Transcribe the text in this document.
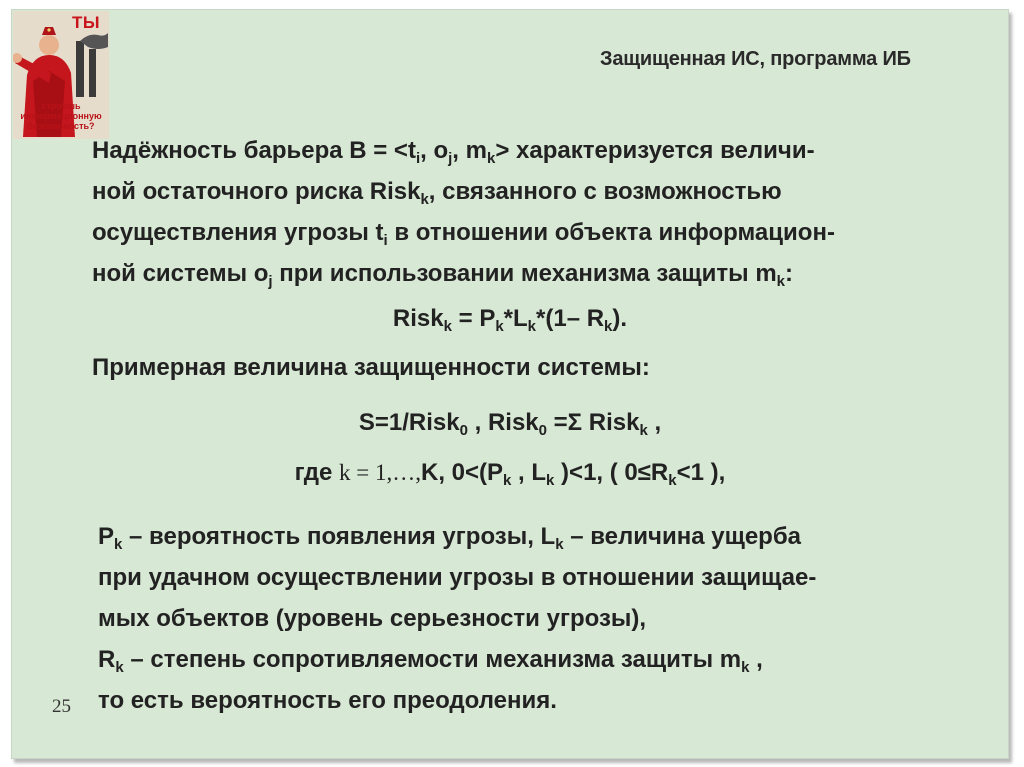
ТЫ
строишь
информационную
безопасность?
Защищенная ИС, программа ИБ
Надёжность барьера $B = <t_i$, $o_j$, $m_k>$ характеризуется величи-
ной остаточного риска Risk$_k$, связанного с возможностью
осуществления угрозы $t_i$ в отношении объекта информацион-
ной системы $o_j$ при использовании механизма защиты $m_k$:
Risk$_k$ = $P_k*L_k*(1-$ $R_k$).
Примерная величина защищенности системы:
S=1/Risk$_0$ , Risk$_0$ =Σ Risk$_k$ ,
где k = 1,…,K, $0<(P_k$ , $L_k$ )<1, ( $0\le R_k<1$ ),
$P_k$ – вероятность появления угрозы, $L_k$ – величина ущерба
при удачном осуществлении угрозы в отношении защищае-
мых объектов (уровень серьезности угрозы),
$R_k$ – степень сопротивляемости механизма защиты $m_k$ ,
то есть вероятность его преодоления.
25
